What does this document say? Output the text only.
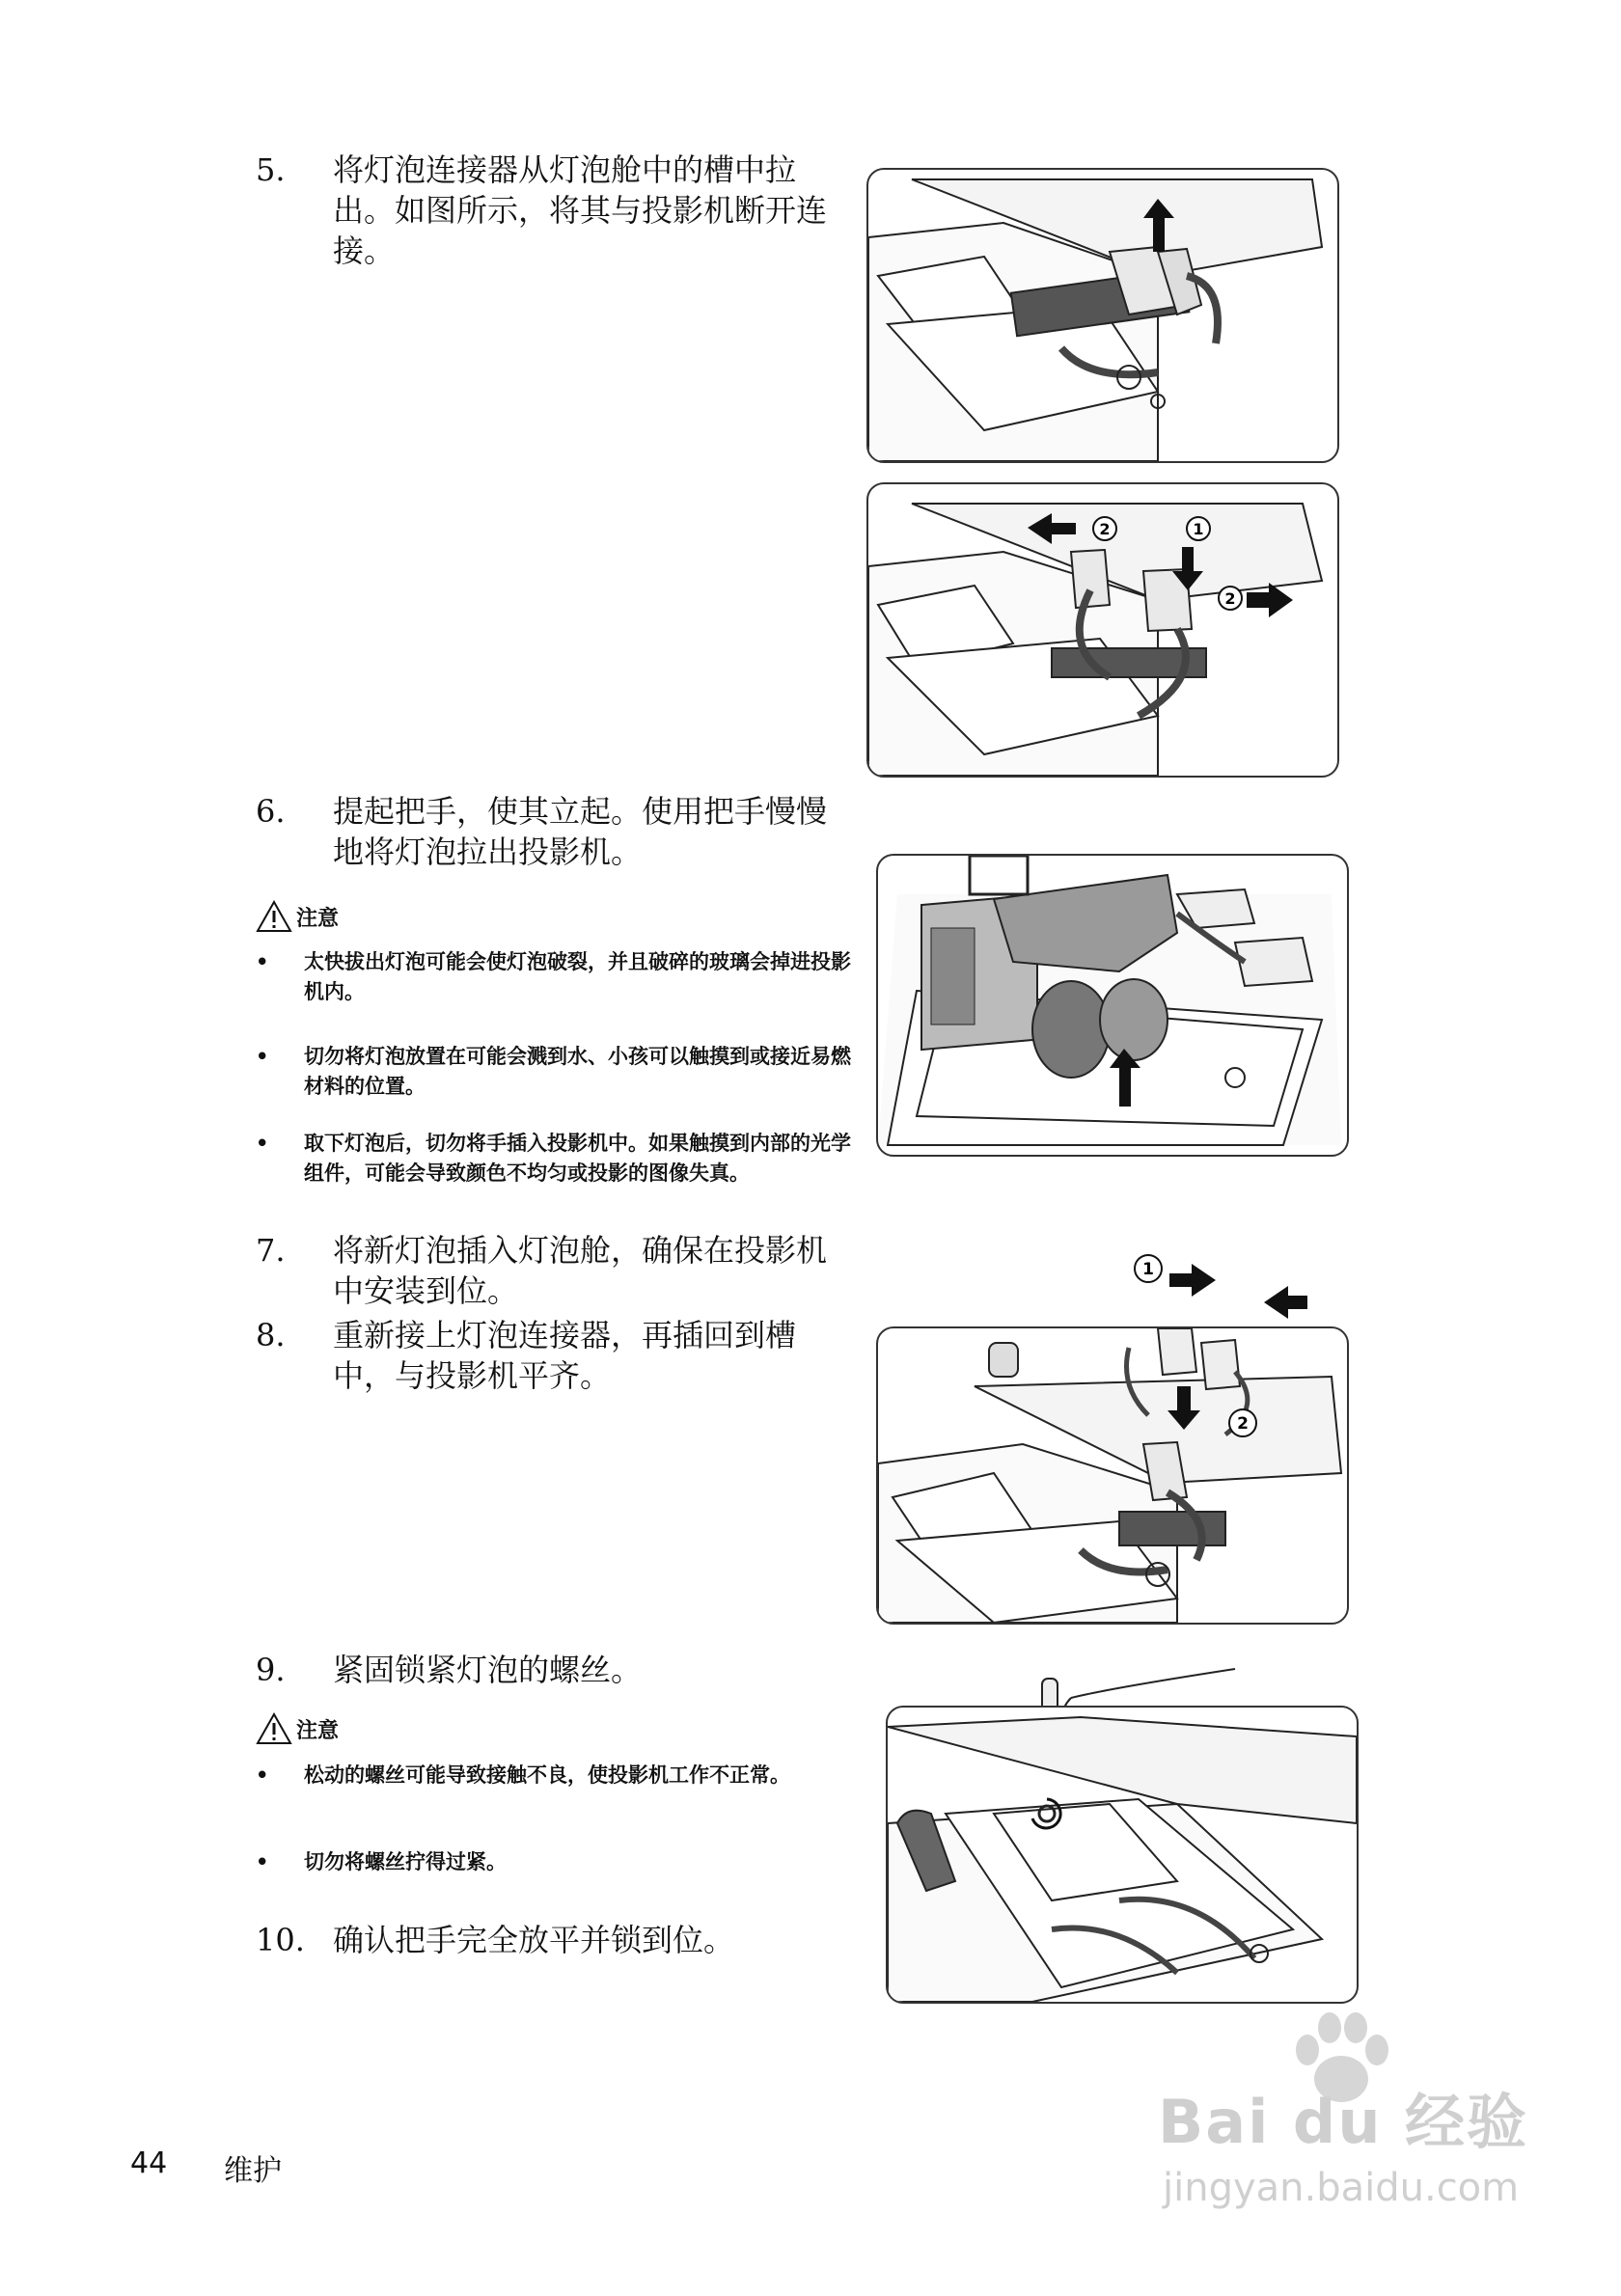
5.	将灯泡连接器从灯泡舱中的槽中拉出。如图所示，将其与投影机断开连接。
2	1
2
6.	提起把手，使其立起。使用把手慢慢地将灯泡拉出投影机。
注意
• 太快拔出灯泡可能会使灯泡破裂，并且破碎的玻璃会掉进投影机内。
• 切勿将灯泡放置在可能会溅到水、小孩可以触摸到或接近易燃材料的位置。
• 取下灯泡后，切勿将手插入投影机中。如果触摸到内部的光学组件，可能会导致颜色不均匀或投影的图像失真。
7.	将新灯泡插入灯泡舱，确保在投影机中安装到位。
8.	重新接上灯泡连接器，再插回到槽中，与投影机平齐。
1
2
9.	紧固锁紧灯泡的螺丝。
注意
• 松动的螺丝可能导致接触不良，使投影机工作不正常。
• 切勿将螺丝拧得过紧。
10. 确认把手完全放平并锁到位。
44 维护
Bai du 经验
jingyan.baidu.com
